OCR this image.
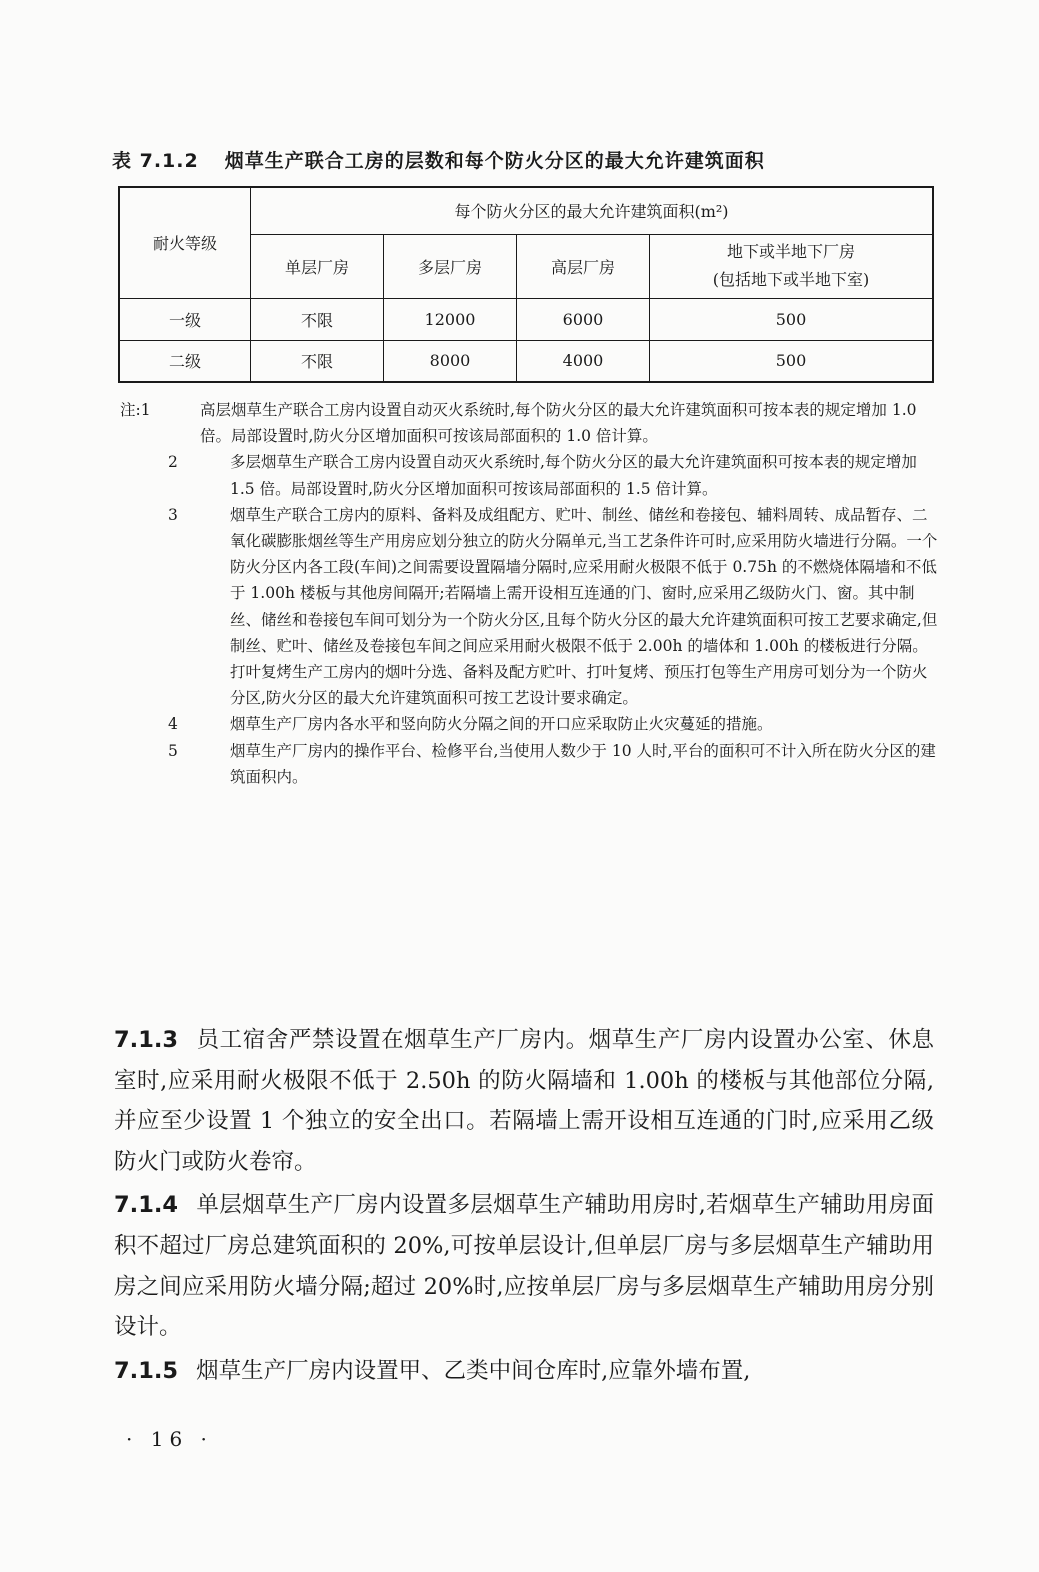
表 7.1.2 烟草生产联合工房的层数和每个防火分区的最大允许建筑面积
耐火等级	每个防火分区的最大允许建筑面积(m²)			
	单层厂房	多层厂房	高层厂房	地下或半地下厂房
(包括地下或半地下室)

一级	不限	12000	6000	500
二级	不限	8000	4000	500
注:1	高层烟草生产联合工房内设置自动灭火系统时,每个防火分区的最大允许建筑面积可按本表的规定增加 1.0 倍。局部设置时,防火分区增加面积可按该局部面积的 1.0 倍计算。
2	多层烟草生产联合工房内设置自动灭火系统时,每个防火分区的最大允许建筑面积可按本表的规定增加 1.5 倍。局部设置时,防火分区增加面积可按该局部面积的 1.5 倍计算。
3	烟草生产联合工房内的原料、备料及成组配方、贮叶、制丝、储丝和卷接包、辅料周转、成品暂存、二氧化碳膨胀烟丝等生产用房应划分独立的防火分隔单元,当工艺条件许可时,应采用防火墙进行分隔。一个防火分区内各工段(车间)之间需要设置隔墙分隔时,应采用耐火极限不低于 0.75h 的不燃烧体隔墙和不低于 1.00h 楼板与其他房间隔开;若隔墙上需开设相互连通的门、窗时,应采用乙级防火门、窗。其中制丝、储丝和卷接包车间可划分为一个防火分区,且每个防火分区的最大允许建筑面积可按工艺要求确定,但制丝、贮叶、储丝及卷接包车间之间应采用耐火极限不低于 2.00h 的墙体和 1.00h 的楼板进行分隔。打叶复烤生产工房内的烟叶分选、备料及配方贮叶、打叶复烤、预压打包等生产用房可划分为一个防火分区,防火分区的最大允许建筑面积可按工艺设计要求确定。
4	烟草生产厂房内各水平和竖向防火分隔之间的开口应采取防止火灾蔓延的措施。
5	烟草生产厂房内的操作平台、检修平台,当使用人数少于 10 人时,平台的面积可不计入所在防火分区的建筑面积内。

7.1.3 员工宿舍严禁设置在烟草生产厂房内。烟草生产厂房内设置办公室、休息室时,应采用耐火极限不低于 2.50h 的防火隔墙和 1.00h 的楼板与其他部位分隔,并应至少设置 1 个独立的安全出口。若隔墙上需开设相互连通的门时,应采用乙级防火门或防火卷帘。

7.1.4 单层烟草生产厂房内设置多层烟草生产辅助用房时,若烟草生产辅助用房面积不超过厂房总建筑面积的 20%,可按单层设计,但单层厂房与多层烟草生产辅助用房之间应采用防火墙分隔;超过 20%时,应按单层厂房与多层烟草生产辅助用房分别设计。

7.1.5 烟草生产厂房内设置甲、乙类中间仓库时,应靠外墙布置,

· 16 ·
